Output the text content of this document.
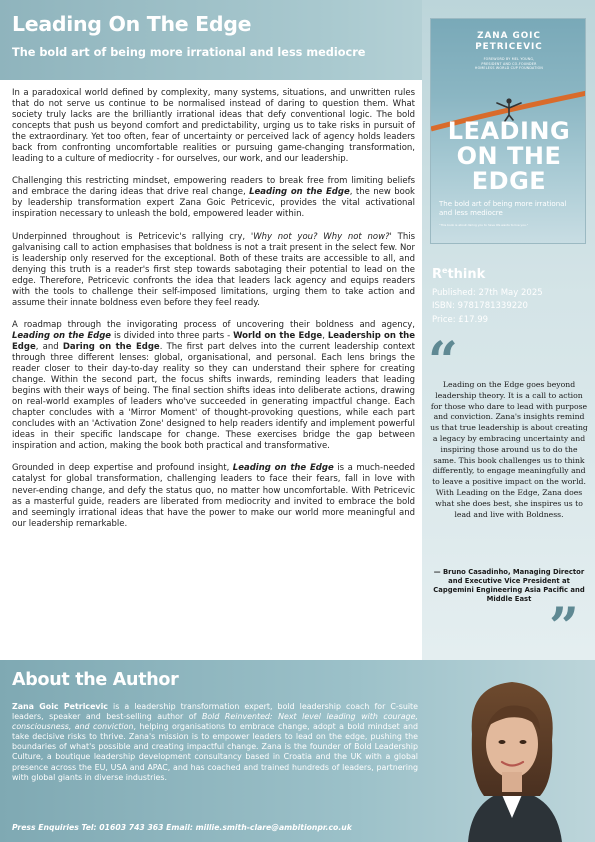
Leading On The Edge
The bold art of being more irrational and less mediocre

In a paradoxical world defined by complexity, many systems, situations, and unwritten rules that do not serve us continue to be normalised instead of daring to question them. What society truly lacks are the brilliantly irrational ideas that defy conventional logic. The bold concepts that push us beyond comfort and predictability, urging us to take risks in pursuit of the extraordinary. Yet too often, fear of uncertainty or perceived lack of agency holds leaders back from confronting uncomfortable realities or pursuing game-changing transformation, leading to a culture of mediocrity - for ourselves, our work, and our leadership.

Challenging this restricting mindset, empowering readers to break free from limiting beliefs and embrace the daring ideas that drive real change, Leading on the Edge, the new book by leadership transformation expert Zana Goic Petricevic, provides the vital activational inspiration necessary to unleash the bold, empowered leader within.

Underpinned throughout is Petricevic's rallying cry, 'Why not you? Why not now?' This galvanising call to action emphasises that boldness is not a trait present in the select few. Nor is leadership only reserved for the exceptional. Both of these traits are accessible to all, and denying this truth is a reader's first step towards sabotaging their potential to lead on the edge. Therefore, Petricevic confronts the idea that leaders lack agency and equips readers with the tools to challenge their self-imposed limitations, urging them to take action and assume their innate boldness even before they feel ready.

A roadmap through the invigorating process of uncovering their boldness and agency, Leading on the Edge is divided into three parts - World on the Edge, Leadership on the Edge, and Daring on the Edge. The first part delves into the current leadership context through three different lenses: global, organisational, and personal. Each lens brings the reader closer to their day-to-day reality so they can understand their sphere for creating change. Within the second part, the focus shifts inwards, reminding leaders that leading begins with their ways of being. The final section shifts ideas into deliberate actions, drawing on real-world examples of leaders who've succeeded in generating impactful change. Each chapter concludes with a 'Mirror Moment' of thought-provoking questions, while each part concludes with an 'Activation Zone' designed to help readers identify and implement powerful ideas in their specific landscape for change. These exercises bridge the gap between inspiration and action, making the book both practical and transformative.

Grounded in deep expertise and profound insight, Leading on the Edge is a much-needed catalyst for global transformation, challenging leaders to face their fears, fall in love with never-ending change, and defy the status quo, no matter how uncomfortable. With Petricevic as a masterful guide, readers are liberated from mediocrity and invited to embrace the bold and seemingly irrational ideas that have the power to make our world more meaningful and our leadership remarkable.

ZANA GOIC
PETRICEVIC
FOREWORD BY MEL YOUNG,
PRESIDENT AND CO-FOUNDER
HOMELESS WORLD CUP FOUNDATION
LEADING
ON THE
EDGE
The bold art of being more irrational and less mediocre
"This book is about daring you to have life wants to live you."
$R^ethink$
Published: 27th May 2025
ISBN: 9781781339220
Price: £17.99
“
Leading on the Edge goes beyond leadership theory. It is a call to action for those who dare to lead with purpose and conviction. Zana's insights remind us that true leadership is about creating a legacy by embracing uncertainty and inspiring those around us to do the same. This book challenges us to think differently, to engage meaningfully and to leave a positive impact on the world. With Leading on the Edge, Zana does what she does best, she inspires us to lead and live with Boldness.
— Bruno Casadinho, Managing Director and Executive Vice President at Capgemini Engineering Asia Pacific and Middle East ”
About the Author
Zana Goic Petricevic is a leadership transformation expert, bold leadership coach for C-suite leaders, speaker and best-selling author of Bold Reinvented: Next level leading with courage, consciousness, and conviction, helping organisations to embrace change, adopt a bold mindset and take decisive risks to thrive. Zana's mission is to empower leaders to lead on the edge, pushing the boundaries of what's possible and creating impactful change. Zana is the founder of Bold Leadership Culture, a boutique leadership development consultancy based in Croatia and the UK with a global presence across the EU, USA and APAC, and has coached and trained hundreds of leaders, partnering with global giants in diverse industries.
Press Enquiries Tel: 01603 743 363 Email: millie.smith-clare@ambitionpr.co.uk
